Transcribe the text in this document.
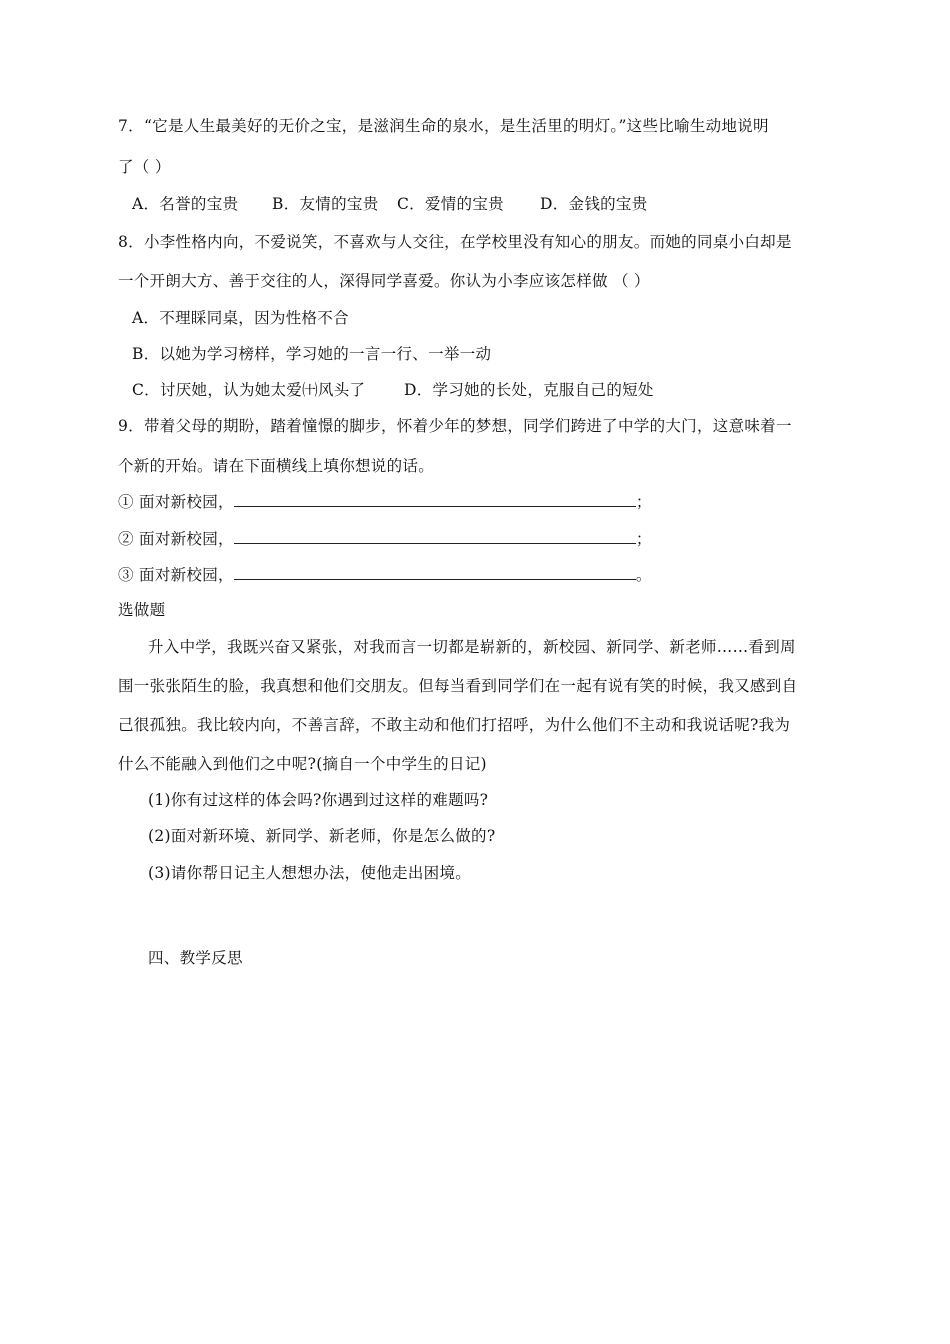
7．“它是人生最美好的无价之宝，是滋润生命的泉水，是生活里的明灯。”这些比喻生动地说明
了（ ）
A．名誉的宝贵 B．友情的宝贵 C．爱情的宝贵 D．金钱的宝贵
8．小李性格内向，不爱说笑，不喜欢与人交往，在学校里没有知心的朋友。而她的同桌小白却是
一个开朗大方、善于交往的人，深得同学喜爱。你认为小李应该怎样做 （ ）
A．不理睬同桌，因为性格不合
B．以她为学习榜样，学习她的一言一行、一举一动
C．讨厌她，认为她太爱㈩风头了 D．学习她的长处，克服自己的短处
9．带着父母的期盼，踏着憧憬的脚步，怀着少年的梦想，同学们跨进了中学的大门，这意味着一
个新的开始。请在下面横线上填你想说的话。
① 面对新校园，	；
② 面对新校园，	；
③ 面对新校园，	。
选做题
升入中学，我既兴奋又紧张，对我而言一切都是崭新的，新校园、新同学、新老师……看到周
围一张张陌生的脸，我真想和他们交朋友。但每当看到同学们在一起有说有笑的时候，我又感到自
己很孤独。我比较内向，不善言辞，不敢主动和他们打招呼，为什么他们不主动和我说话呢?我为
什么不能融入到他们之中呢?(摘自一个中学生的日记)
(1)你有过这样的体会吗?你遇到过这样的难题吗?
(2)面对新环境、新同学、新老师，你是怎么做的?
(3)请你帮日记主人想想办法，使他走出困境。
四、教学反思
